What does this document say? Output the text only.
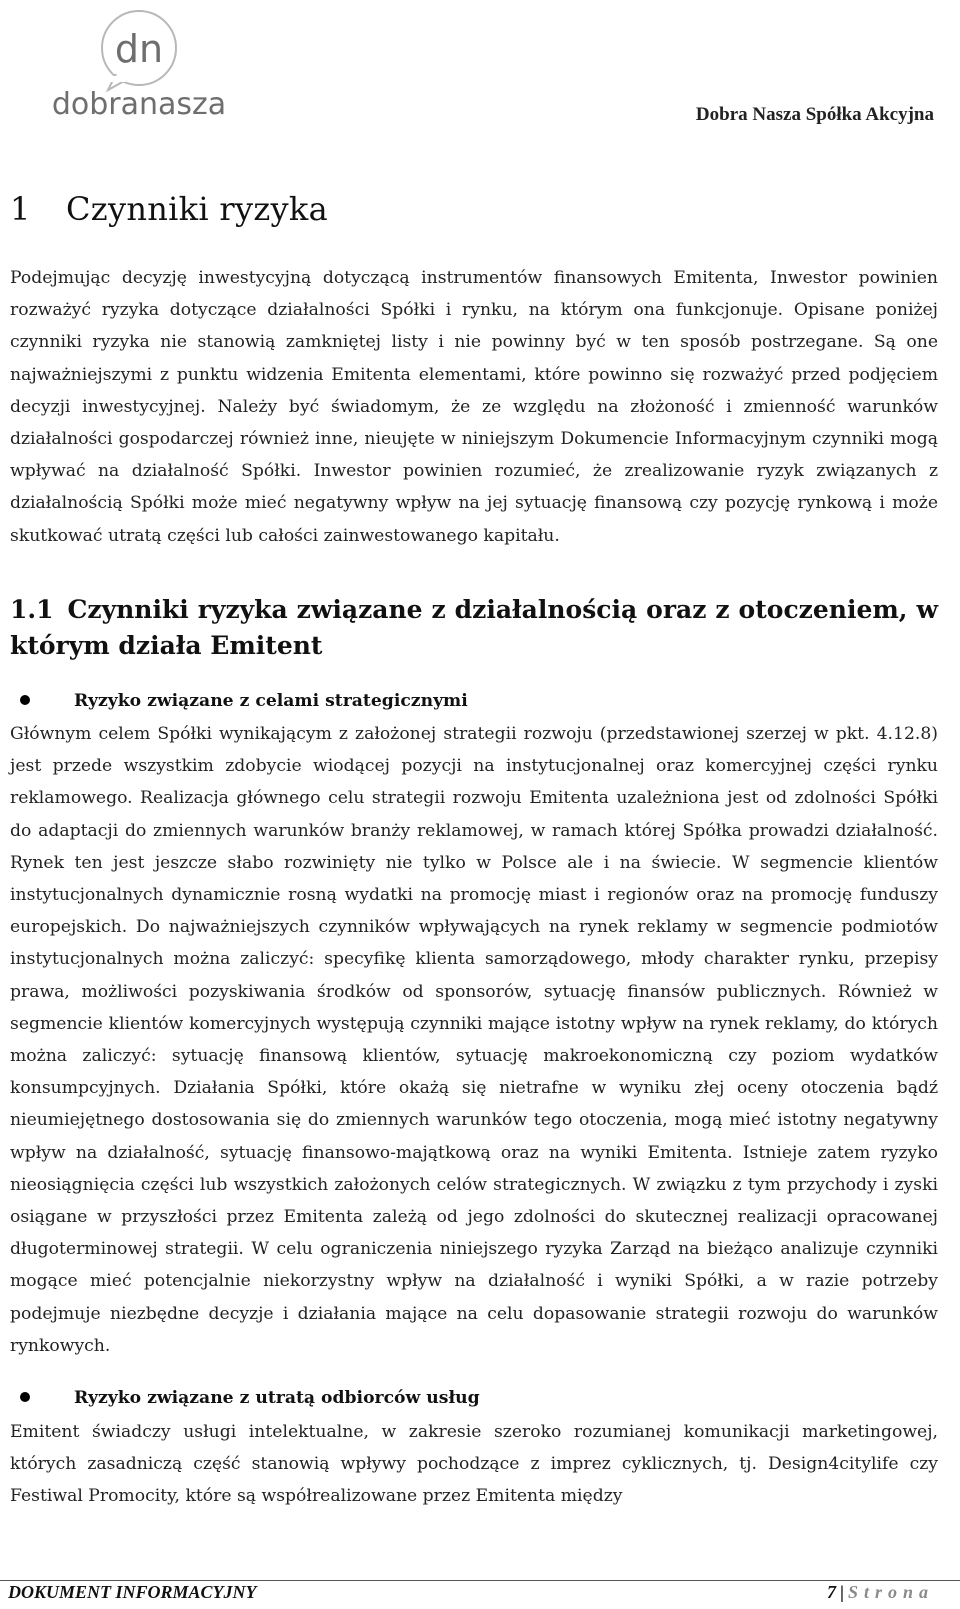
dn
dobranasza	Dobra Nasza Spółka Akcyjna
1 Czynniki ryzyka
Podejmując decyzję inwestycyjną dotyczącą instrumentów finansowych Emitenta, Inwestor powinien rozważyć ryzyka dotyczące działalności Spółki i rynku, na którym ona funkcjonuje. Opisane poniżej czynniki ryzyka nie stanowią zamkniętej listy i nie powinny być w ten sposób postrzegane. Są one najważniejszymi z punktu widzenia Emitenta elementami, które powinno się rozważyć przed podjęciem decyzji inwestycyjnej. Należy być świadomym, że ze względu na złożoność i zmienność warunków działalności gospodarczej również inne, nieujęte w niniejszym Dokumencie Informacyjnym czynniki mogą wpływać na działalność Spółki. Inwestor powinien rozumieć, że zrealizowanie ryzyk związanych z działalnością Spółki może mieć negatywny wpływ na jej sytuację finansową czy pozycję rynkową i może skutkować utratą części lub całości zainwestowanego kapitału.
1.1 Czynniki ryzyka związane z działalnością oraz z otoczeniem, w którym działa Emitent
Ryzyko związane z celami strategicznymi
Głównym celem Spółki wynikającym z założonej strategii rozwoju (przedstawionej szerzej w pkt. 4.12.8) jest przede wszystkim zdobycie wiodącej pozycji na instytucjonalnej oraz komercyjnej części rynku reklamowego. Realizacja głównego celu strategii rozwoju Emitenta uzależniona jest od zdolności Spółki do adaptacji do zmiennych warunków branży reklamowej, w ramach której Spółka prowadzi działalność. Rynek ten jest jeszcze słabo rozwinięty nie tylko w Polsce ale i na świecie. W segmencie klientów instytucjonalnych dynamicznie rosną wydatki na promocję miast i regionów oraz na promocję funduszy europejskich. Do najważniejszych czynników wpływających na rynek reklamy w segmencie podmiotów instytucjonalnych można zaliczyć: specyfikę klienta samorządowego, młody charakter rynku, przepisy prawa, możliwości pozyskiwania środków od sponsorów, sytuację finansów publicznych. Również w segmencie klientów komercyjnych występują czynniki mające istotny wpływ na rynek reklamy, do których można zaliczyć: sytuację finansową klientów, sytuację makroekonomiczną czy poziom wydatków konsumpcyjnych. Działania Spółki, które okażą się nietrafne w wyniku złej oceny otoczenia bądź nieumiejętnego dostosowania się do zmiennych warunków tego otoczenia, mogą mieć istotny negatywny wpływ na działalność, sytuację finansowo-majątkową oraz na wyniki Emitenta. Istnieje zatem ryzyko nieosiągnięcia części lub wszystkich założonych celów strategicznych. W związku z tym przychody i zyski osiągane w przyszłości przez Emitenta zależą od jego zdolności do skutecznej realizacji opracowanej długoterminowej strategii. W celu ograniczenia niniejszego ryzyka Zarząd na bieżąco analizuje czynniki mogące mieć potencjalnie niekorzystny wpływ na działalność i wyniki Spółki, a w razie potrzeby podejmuje niezbędne decyzje i działania mające na celu dopasowanie strategii rozwoju do warunków rynkowych.
Ryzyko związane z utratą odbiorców usług
Emitent świadczy usługi intelektualne, w zakresie szeroko rozumianej komunikacji marketingowej, których zasadniczą część stanowią wpływy pochodzące z imprez cyklicznych, tj. Design4citylife czy Festiwal Promocity, które są współrealizowane przez Emitenta między
DOKUMENT INFORMACYJNY	7 | Strona
